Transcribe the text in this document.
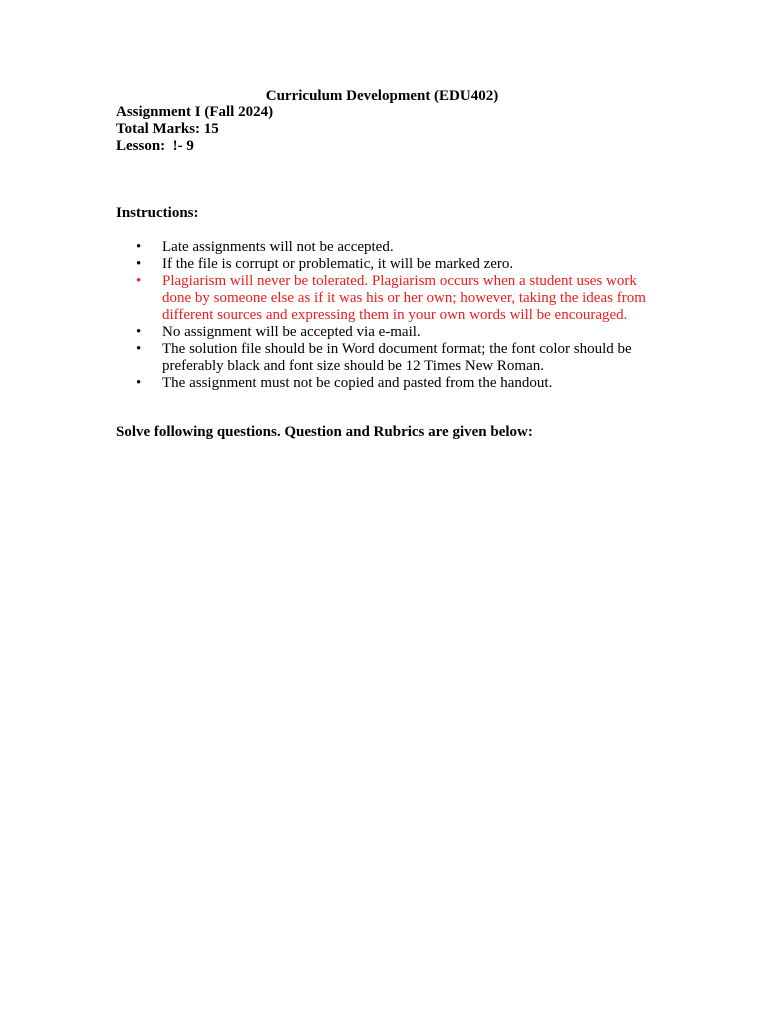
Curriculum Development (EDU402)

Assignment I (Fall 2024)

Total Marks: 15

Lesson:  !- 9

Instructions:
• Late assignments will not be accepted.
• If the file is corrupt or problematic, it will be marked zero.
• Plagiarism will never be tolerated. Plagiarism occurs when a student uses work done by someone else as if it was his or her own; however, taking the ideas from different sources and expressing them in your own words will be encouraged.
• No assignment will be accepted via e-mail.
• The solution file should be in Word document format; the font color should be preferably black and font size should be 12 Times New Roman.
• The assignment must not be copied and pasted from the handout.
Solve following questions. Question and Rubrics are given below:
